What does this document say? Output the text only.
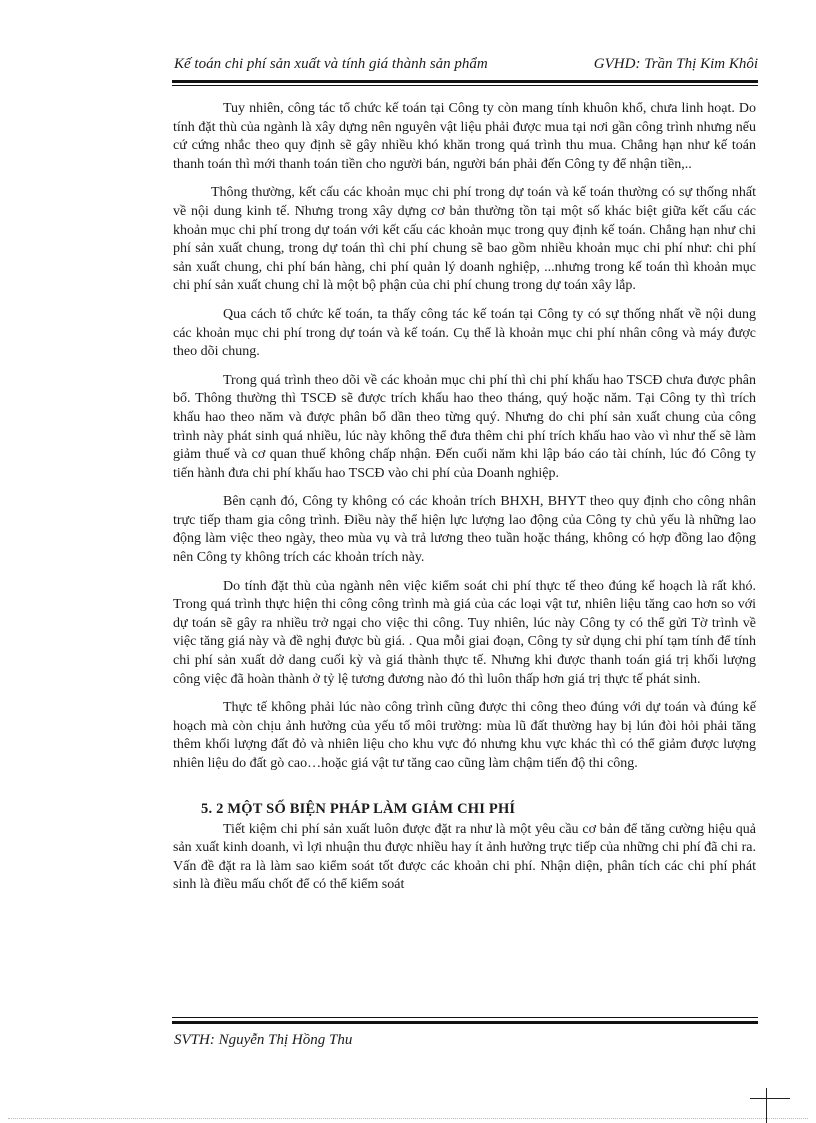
Kế toán chi phí sản xuất và tính giá thành sản phẩm	GVHD: Trần Thị Kim Khôi

Tuy nhiên, công tác tổ chức kế toán tại Công ty còn mang tính khuôn khổ, chưa linh hoạt. Do tính đặt thù của ngành là xây dựng nên nguyên vật liệu phải được mua tại nơi gần công trình nhưng nếu cứ cứng nhắc theo quy định sẽ gây nhiều khó khăn trong quá trình thu mua. Chẳng hạn như kế toán thanh toán thì mới thanh toán tiền cho người bán, người bán phải đến Công ty để nhận tiền,..

Thông thường, kết cấu các khoản mục chi phí trong dự toán và kế toán thường có sự thống nhất về nội dung kinh tế. Nhưng trong xây dựng cơ bản thường tồn tại một số khác biệt giữa kết cấu các khoản mục chi phí trong dự toán với kết cấu các khoản mục trong quy định kế toán. Chẳng hạn như chi phí sản xuất chung, trong dự toán thì chi phí chung sẽ bao gồm nhiều khoản mục chi phí như: chi phí sản xuất chung, chi phí bán hàng, chi phí quản lý doanh nghiệp, ...nhưng trong kế toán thì khoản mục chi phí sản xuất chung chỉ là một bộ phận của chi phí chung trong dự toán xây lắp.

Qua cách tổ chức kế toán, ta thấy công tác kế toán tại Công ty có sự thống nhất về nội dung các khoản mục chi phí trong dự toán và kế toán. Cụ thể là khoản mục chi phí nhân công và máy được theo dõi chung.

Trong quá trình theo dõi về các khoản mục chi phí thì chi phí khấu hao TSCĐ chưa được phân bổ. Thông thường thì TSCĐ sẽ được trích khấu hao theo tháng, quý hoặc năm. Tại Công ty thì trích khấu hao theo năm và được phân bổ dần theo từng quý. Nhưng do chi phí sản xuất chung của công trình này phát sinh quá nhiều, lúc này không thể đưa thêm chi phí trích khấu hao vào vì như thế sẽ làm giảm thuế và cơ quan thuế không chấp nhận. Đến cuối năm khi lập báo cáo tài chính, lúc đó Công ty tiến hành đưa chi phí khấu hao TSCĐ vào chi phí của Doanh nghiệp.

Bên cạnh đó, Công ty không có các khoản trích BHXH, BHYT theo quy định cho công nhân trực tiếp tham gia công trình. Điều này thể hiện lực lượng lao động của Công ty chủ yếu là những lao động làm việc theo ngày, theo mùa vụ và trả lương theo tuần hoặc tháng, không có hợp đồng lao động nên Công ty không trích các khoản trích này.

Do tính đặt thù của ngành nên việc kiểm soát chi phí thực tế theo đúng kế hoạch là rất khó. Trong quá trình thực hiện thi công công trình mà giá của các loại vật tư, nhiên liệu tăng cao hơn so với dự toán sẽ gây ra nhiều trở ngại cho việc thi công. Tuy nhiên, lúc này Công ty có thể gửi Tờ trình về việc tăng giá này và đề nghị được bù giá. . Qua mỗi giai đoạn, Công ty sử dụng chi phí tạm tính để tính chi phí sản xuất dở dang cuối kỳ và giá thành thực tế. Nhưng khi được thanh toán giá trị khối lượng công việc đã hoàn thành ở tỷ lệ tương đương nào đó thì luôn thấp hơn giá trị thực tế phát sinh.

Thực tế không phải lúc nào công trình cũng được thi công theo đúng với dự toán và đúng kế hoạch mà còn chịu ảnh hưởng của yếu tố môi trường: mùa lũ đất thường hay bị lún đòi hỏi phải tăng thêm khối lượng đất đỏ và nhiên liệu cho khu vực đó nhưng khu vực khác thì có thể giảm được lượng nhiên liệu do đất gò cao…hoặc giá vật tư tăng cao cũng làm chậm tiến độ thi công.

5. 2 MỘT SỐ BIỆN PHÁP LÀM GIẢM CHI PHÍ

Tiết kiệm chi phí sản xuất luôn được đặt ra như là một yêu cầu cơ bản để tăng cường hiệu quả sản xuất kinh doanh, vì lợi nhuận thu được nhiều hay ít ảnh hưởng trực tiếp của những chi phí đã chi ra. Vấn đề đặt ra là làm sao kiểm soát tốt được các khoản chi phí. Nhận diện, phân tích các chi phí phát sinh là điều mấu chốt để có thể kiểm soát

SVTH: Nguyễn Thị Hồng Thu
